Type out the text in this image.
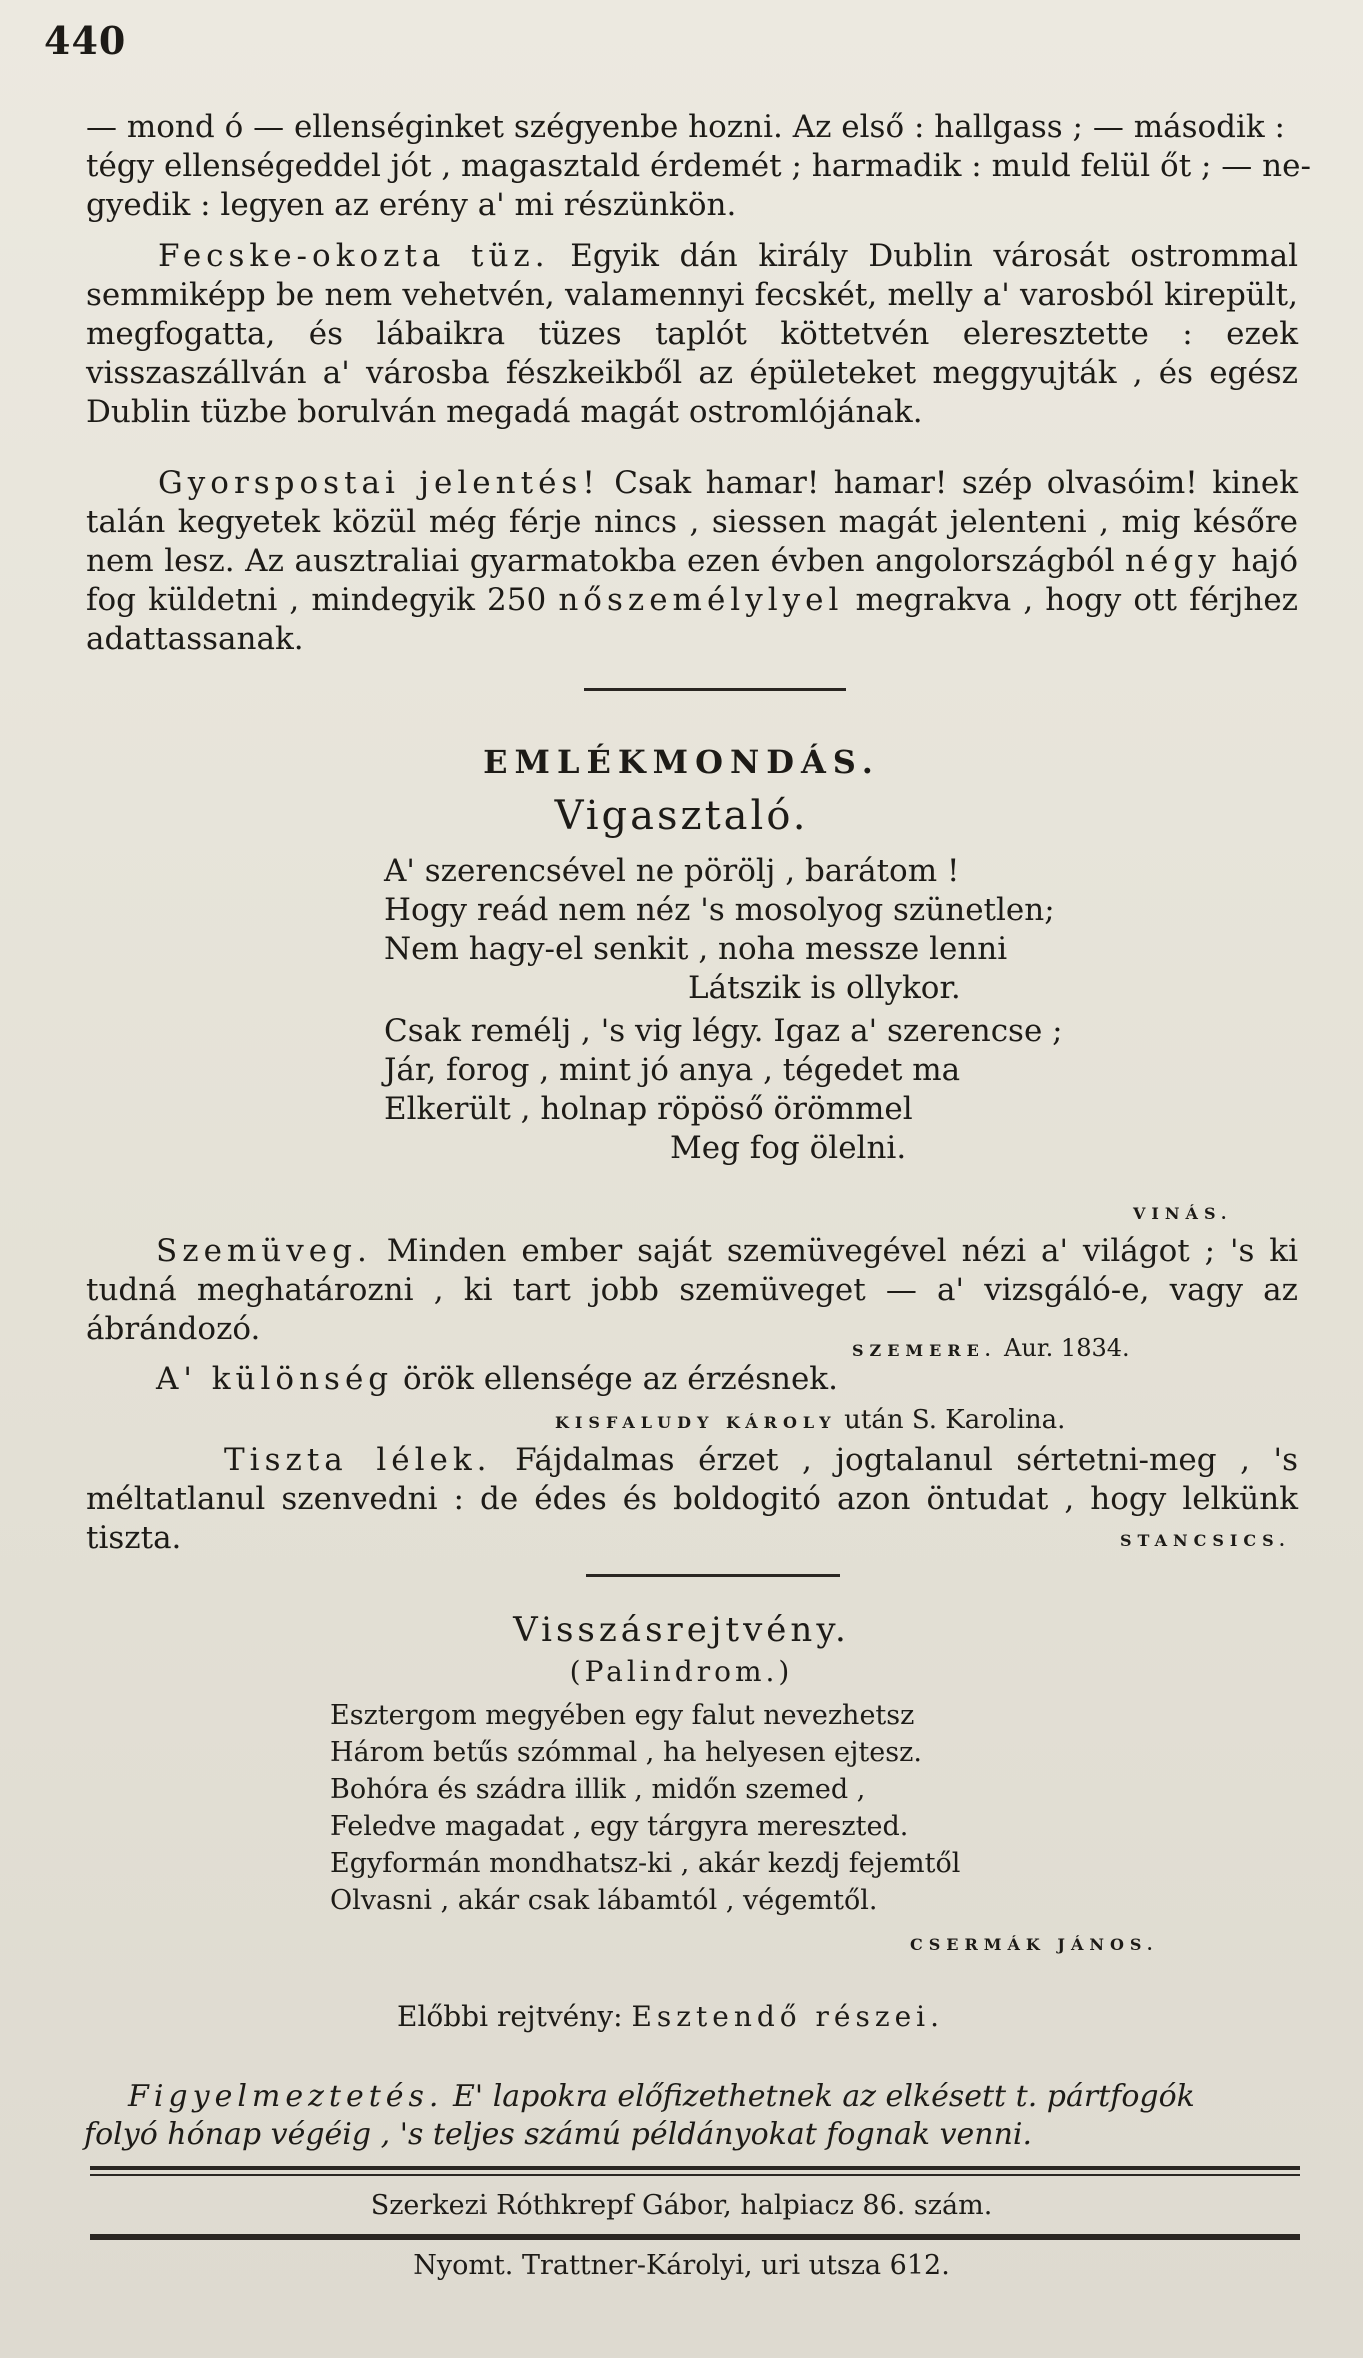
440
— mond ó — ellenséginket szégyenbe hozni. Az első : hallgass ; — második :
tégy ellenségeddel jót , magasztald érdemét ; harmadik : muld felül őt ; — ne-
gyedik : legyen az erény a' mi részünkön.
Fecske-okozta tüz. Egyik dán király Dublin városát ostrommal semmiképp be nem vehetvén, valamennyi fecskét, melly a' varosból kirepült, megfogatta, és lábaikra tüzes taplót köttetvén eleresztette : ezek visszaszállván a' városba fészkeikből az épületeket meggyujták , és egész Dublin tüzbe borulván megadá magát ostromlójának.
Gyorspostai jelentés! Csak hamar! hamar! szép olvasóim! kinek talán kegyetek közül még férje nincs , siessen magát jelenteni , mig későre nem lesz. Az ausztraliai gyarmatokba ezen évben angolországból négy hajó fog küldetni , mindegyik 250 nőszemélylyel megrakva , hogy ott férjhez adattassanak.
EMLÉKMONDÁS.
Vigasztaló.
A' szerencsével ne pörölj , barátom !
Hogy reád nem néz 's mosolyog szünetlen;
Nem hagy-el senkit , noha messze lenni
Látszik is ollykor.
Csak remélj , 's vig légy. Igaz a' szerencse ;
Jár, forog , mint jó anya , tégedet ma
Elkerült , holnap röpöső örömmel
Meg fog ölelni.
VINÁS.
Szemüveg. Minden ember saját szemüvegével nézi a' világot ; 's ki tudná meghatározni , ki tart jobb szemüveget — a' vizsgáló-e, vagy az ábrándozó.
SZEMERE. Aur. 1834.
A' különség örök ellensége az érzésnek.
KISFALUDY KÁROLY után S. Karolina.
Tiszta lélek. Fájdalmas érzet , jogtalanul sértetni-meg , 's méltatlanul szenvedni : de édes és boldogitó azon öntudat , hogy lelkünk tiszta.	STANCSICS.
Visszásrejtvény.
(Palindrom.)
Esztergom megyében egy falut nevezhetsz
Három betűs szómmal , ha helyesen ejtesz.
Bohóra és szádra illik , midőn szemed ,
Feledve magadat , egy tárgyra mereszted.
Egyformán mondhatsz-ki , akár kezdj fejemtől
Olvasni , akár csak lábamtól , végemtől.
CSERMÁK JÁNOS.
Előbbi rejtvény: Esztendő részei.
Figyelmeztetés. E' lapokra előfizethetnek az elkésett t. pártfogók
folyó hónap végéig , 's teljes számú példányokat fognak venni.
Szerkezi Róthkrepf Gábor, halpiacz 86. szám.
Nyomt. Trattner-Károlyi, uri utsza 612.
